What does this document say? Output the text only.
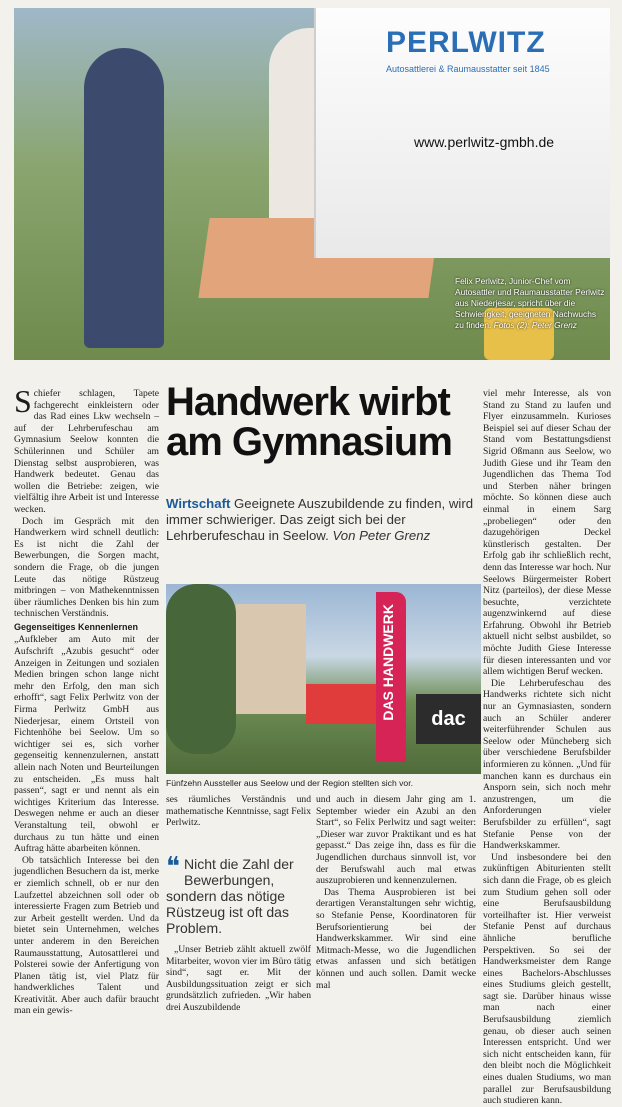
PERLWITZ
Autosattlerei & Raumausstatter seit 1845
www.perlwitz-gmbh.de
Felix Perlwitz, Junior-Chef vom Autosattler und Raumausstatter Perlwitz aus Niederjesar, spricht über die Schwierigkeit, geeigneten Nachwuchs zu finden. Fotos (2): Peter Grenz

Schiefer schlagen, Tapete fachgerecht einkleistern oder das Rad eines Lkw wechseln – auf der Lehrberufeschau am Gymnasium Seelow konnten die Schülerinnen und Schüler am Dienstag selbst ausprobieren, was Handwerk bedeutet. Genau das wollen die Betriebe: zeigen, wie vielfältig ihre Arbeit ist und Interesse wecken.

Doch im Gespräch mit den Handwerkern wird schnell deutlich: Es ist nicht die Zahl der Bewerbungen, die Sorgen macht, sondern die Frage, ob die jungen Leute das nötige Rüstzeug mitbringen – von Mathekenntnissen über räumliches Denken bis hin zum technischen Verständnis.

Gegenseitiges Kennenlernen

„Aufkleber am Auto mit der Aufschrift „Azubis gesucht“ oder Anzeigen in Zeitungen und sozialen Medien bringen schon lange nicht mehr den Erfolg, den man sich erhofft“, sagt Felix Perlwitz von der Firma Perlwitz GmbH aus Niederjesar, einem Ortsteil von Fichtenhöhe bei Seelow. Um so wichtiger sei es, sich vorher gegenseitig kennenzulernen, anstatt allein nach Noten und Beurteilungen zu entscheiden. „Es muss halt passen“, sagt er und nennt als ein wichtiges Kriterium das Interesse. Deswegen nehme er auch an dieser Veranstaltung teil, obwohl er durchaus zu tun hätte und einen Auftrag hätte abarbeiten können.

Ob tatsächlich Interesse bei den jugendlichen Besuchern da ist, merke er ziemlich schnell, ob er nur den Laufzettel abzeichnen soll oder ob interessierte Fragen zum Betrieb und zur Arbeit gestellt werden. Und da bietet sein Unternehmen, welches unter anderem in den Bereichen Raumausstattung, Autosattlerei und Polsterei sowie der Anfertigung von Planen tätig ist, viel Platz für handwerkliches Talent und Kreativität. Aber auch dafür braucht man ein gewis-

Handwerk wirbt am Gymnasium
Wirtschaft Geeignete Auszubildende zu finden, wird immer schwieriger. Das zeigt sich bei der Lehrberufeschau in Seelow. Von Peter Grenz
DAS HANDWERK	dac
Fünfzehn Aussteller aus Seelow und der Region stellten sich vor.

ses räumliches Verständnis und mathematische Kenntnisse, sagt Felix Perlwitz.

❝ Nicht die Zahl der Bewerbungen, sondern das nötige Rüstzeug ist oft das Problem.

„Unser Betrieb zählt aktuell zwölf Mitarbeiter, wovon vier im Büro tätig sind“, sagt er. Mit der Ausbildungssituation zeigt er sich grundsätzlich zufrieden. „Wir haben drei Auszubildende

und auch in diesem Jahr ging am 1. September wieder ein Azubi an den Start“, so Felix Perlwitz und sagt weiter: „Dieser war zuvor Praktikant und es hat gepasst.“ Das zeige ihn, dass es für die Jugendlichen durchaus sinnvoll ist, vor der Berufswahl auch mal etwas auszuprobieren und kennenzulernen.

Das Thema Ausprobieren ist bei derartigen Veranstaltungen sehr wichtig, so Stefanie Pense, Koordinatoren für Berufsorientierung bei der Handwerkskammer. Wir sind eine Mitmach-Messe, wo die Jugendlichen etwas anfassen und sich betätigen können und auch sollen. Damit wecke mal

viel mehr Interesse, als von Stand zu Stand zu laufen und Flyer einzusammeln. Kurioses Beispiel sei auf dieser Schau der Stand vom Bestattungsdienst Sigrid Oßmann aus Seelow, wo Judith Giese und ihr Team den Jugendlichen das Thema Tod und Sterben näher bringen möchte. So können diese auch einmal in einem Sarg „probeliegen“ oder den dazugehörigen Deckel künstlerisch gestalten. Der Erfolg gab ihr schließlich recht, denn das Interesse war hoch. Nur Seelows Bürgermeister Robert Nitz (parteilos), der diese Messe besuchte, verzichtete augenzwinkernd auf diese Erfahrung. Obwohl ihr Betrieb aktuell nicht selbst ausbildet, so möchte Judith Giese Interesse für diesen interessanten und vor allem wichtigen Beruf wecken.

Die Lehrberufeschau des Handwerks richtete sich nicht nur an Gymnasiasten, sondern auch an Schüler anderer weiterführender Schulen aus Seelow oder Müncheberg sich über verschiedene Berufsbilder informieren zu können. „Und für manchen kann es durchaus ein Ansporn sein, sich noch mehr anzustrengen, um die Anforderungen vieler Berufsbilder zu erfüllen“, sagt Stefanie Pense von der Handwerkskammer.

Und insbesondere bei den zukünftigen Abiturienten stellt sich dann die Frage, ob es gleich zum Studium gehen soll oder eine Berufsausbildung vorteilhafter ist. Hier verweist Stefanie Penst auf durchaus ähnliche berufliche Perspektiven. So sei der Handwerksmeister dem Range eines Bachelors-Abschlusses eines Studiums gleich gestellt, sagt sie. Darüber hinaus wisse man nach einer Berufsausbildung ziemlich genau, ob dieser auch seinen Interessen entspricht. Und wer sich nicht entscheiden kann, für den bleibt noch die Möglichkeit eines dualen Studiums, wo man parallel zur Berufsausbildung auch studieren kann.
